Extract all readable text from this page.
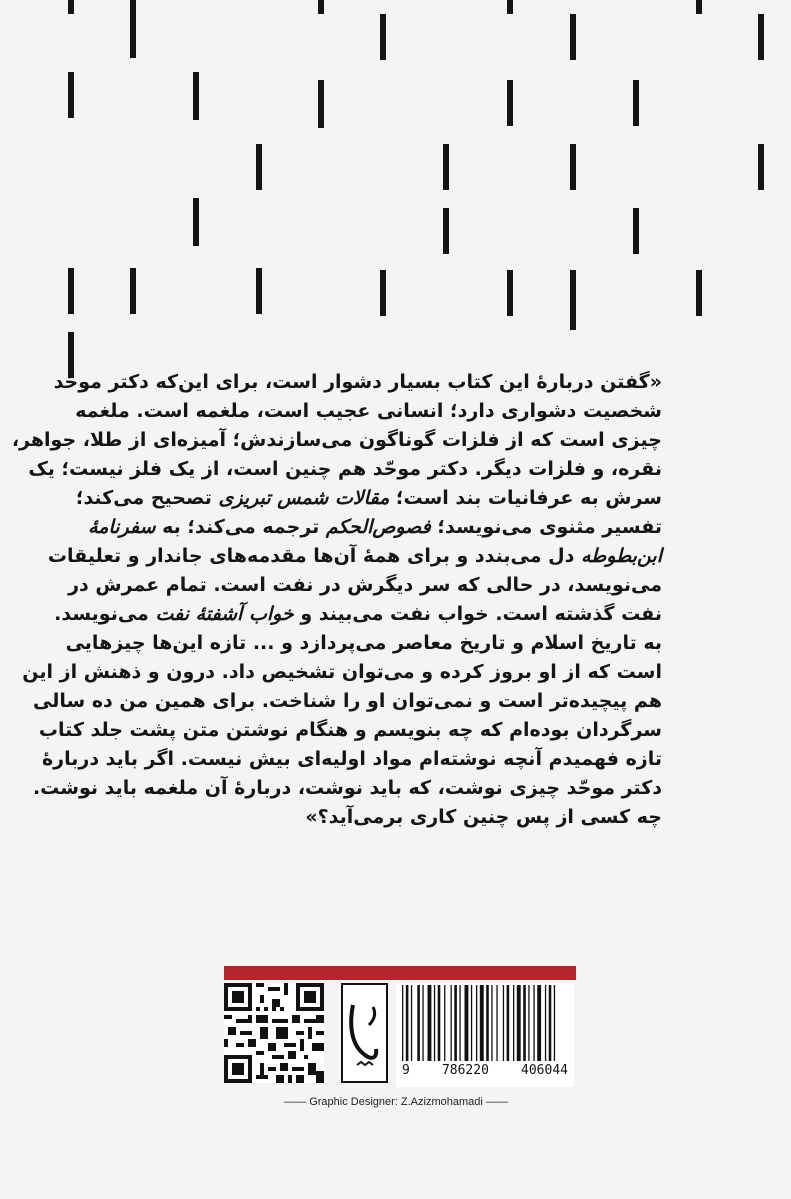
«گفتن دربارهٔ این کتاب بسیار دشوار است، برای این‌که دکتر موحّد
شخصیت دشواری دارد؛ انسانی عجیب است، ملغمه است. ملغمه
چیزی است که از فلزات گوناگون می‌سازندش؛ آمیزه‌ای از طلا، جواهر،
نقره، و فلزات دیگر. دکتر موحّد هم چنین است، از یک فلز نیست؛ یک
سرش به عرفانیات بند است؛ مقالات شمس تبریزی تصحیح می‌کند؛
تفسیر مثنوی می‌نویسد؛ فصوص‌الحکم ترجمه می‌کند؛ به سفرنامهٔ
ابن‌بطوطه دل می‌بندد و برای همهٔ آن‌ها مقدمه‌های جاندار و تعلیقات
می‌نویسد، در حالی که سر دیگرش در نفت است. تمام عمرش در
نفت گذشته است. خواب نفت می‌بیند و خواب آشفتهٔ نفت می‌نویسد.
به تاریخ اسلام و تاریخ معاصر می‌پردازد و ... تازه این‌ها چیزهایی
است که از او بروز کرده و می‌توان تشخیص داد. درون و ذهنش از این
هم پیچیده‌تر است و نمی‌توان او را شناخت. برای همین من ده سالی
سرگردان بوده‌ام که چه بنویسم و هنگام نوشتن متن پشت جلد کتاب
تازه فهمیدم آنچه نوشته‌ام مواد اولیه‌ای بیش نیست. اگر باید دربارهٔ
دکتر موحّد چیزی نوشت، که باید نوشت، دربارهٔ آن ملغمه باید نوشت.
چه کسی از پس چنین کاری برمی‌آید؟»
9 786220 406044
—— Graphic Designer: Z.Azizmohamadi ——
